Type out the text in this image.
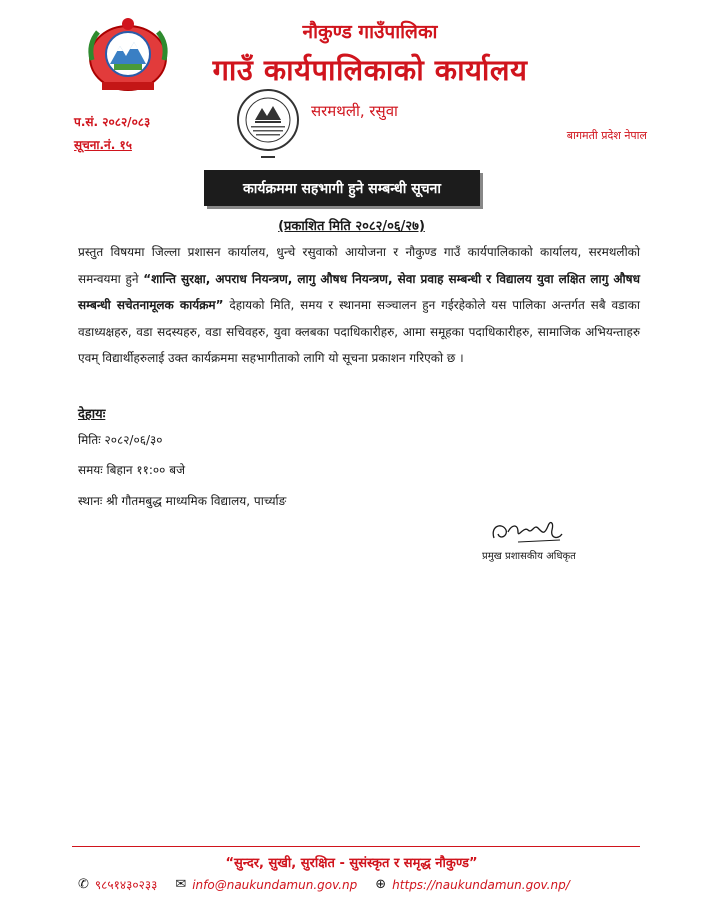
नौकुण्ड गाउँपालिका
गाउँ कार्यपालिकाको कार्यालय
सरमथली, रसुवा
प.सं. २०८२/०८३
सूचना.नं. १५
बागमती प्रदेश नेपाल
कार्यक्रममा सहभागी हुने सम्बन्धी सूचना
(प्रकाशित मिति २०८२/०६/२७)
प्रस्तुत विषयमा जिल्ला प्रशासन कार्यालय, धुन्चे रसुवाको आयोजना र नौकुण्ड गाउँ कार्यपालिकाको कार्यालय, सरमथलीको समन्वयमा हुने “शान्ति सुरक्षा, अपराध नियन्त्रण, लागु औषध नियन्त्रण, सेवा प्रवाह सम्बन्धी र विद्यालय युवा लक्षित लागु औषध सम्बन्धी सचेतनामूलक कार्यक्रम” देहायको मिति, समय र स्थानमा सञ्चालन हुन गईरहेकोले यस पालिका अन्तर्गत सबै वडाका वडाध्यक्षहरु, वडा सदस्यहरु, वडा सचिवहरु, युवा क्लबका पदाधिकारीहरु, आमा समूहका पदाधिकारीहरु, सामाजिक अभियन्ताहरु एवम् विद्यार्थीहरुलाई उक्त कार्यक्रममा सहभागीताको लागि यो सूचना प्रकाशन गरिएको छ ।
देहायः
मितिः २०८२/०६/३०
समयः बिहान ११:०० बजे
स्थानः श्री गौतमबुद्ध माध्यमिक विद्यालय, पार्च्याङ
प्रमुख प्रशासकीय अधिकृत
“सुन्दर, सुखी, सुरक्षित - सुसंस्कृत र समृद्ध नौकुण्ड”
✆ ९८५१४३०२३३ ✉ info@naukundamun.gov.np ⊕ https://naukundamun.gov.np/
